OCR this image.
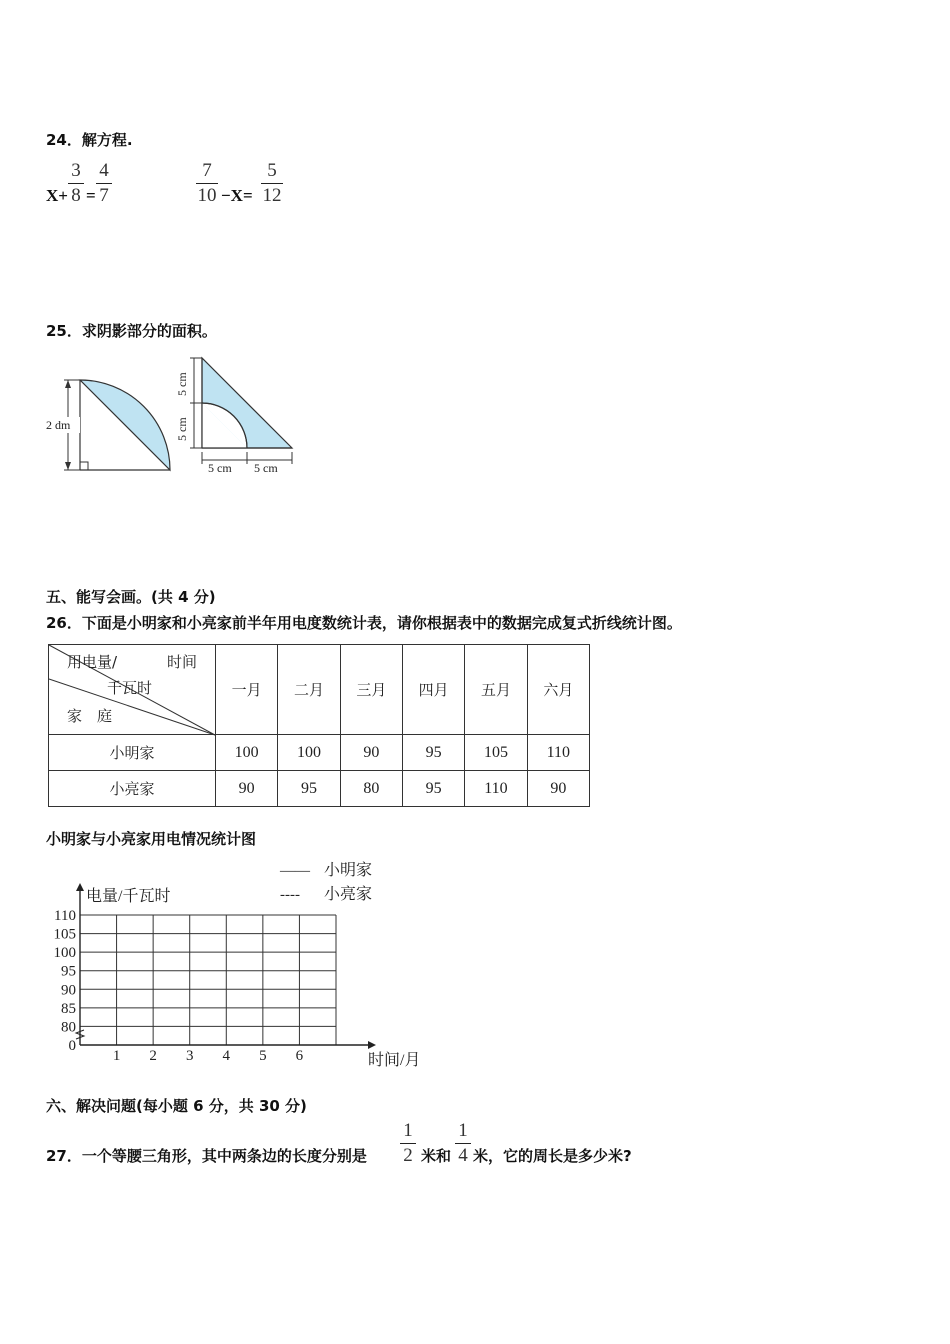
24．解方程.
X+
3
8 =
4
7
7
10 −X=
5
12
25．求阴影部分的面积。
2 dm
5 cm
5 cm
5 cm 5 cm
五、能写会画。(共 4 分)
26．下面是小明家和小亮家前半年用电度数统计表，请你根据表中的数据完成复式折线统计图。
用电量/ 时间
千瓦时
家　庭	一月	二月	三月	四月	五月	六月
小明家	100	100	90	95	105	110
小亮家	90	95	80	95	110	90
小明家与小亮家用电情况统计图
0
80
85
90
95
100
105
110
1 2 3 4 5 6
电量/千瓦时
时间/月
—— 小明家
---- 小亮家
六、解决问题(每小题 6 分，共 30 分)
27．一个等腰三角形，其中两条边的长度分别是
1
2 米和
1
4 米，它的周长是多少米?
